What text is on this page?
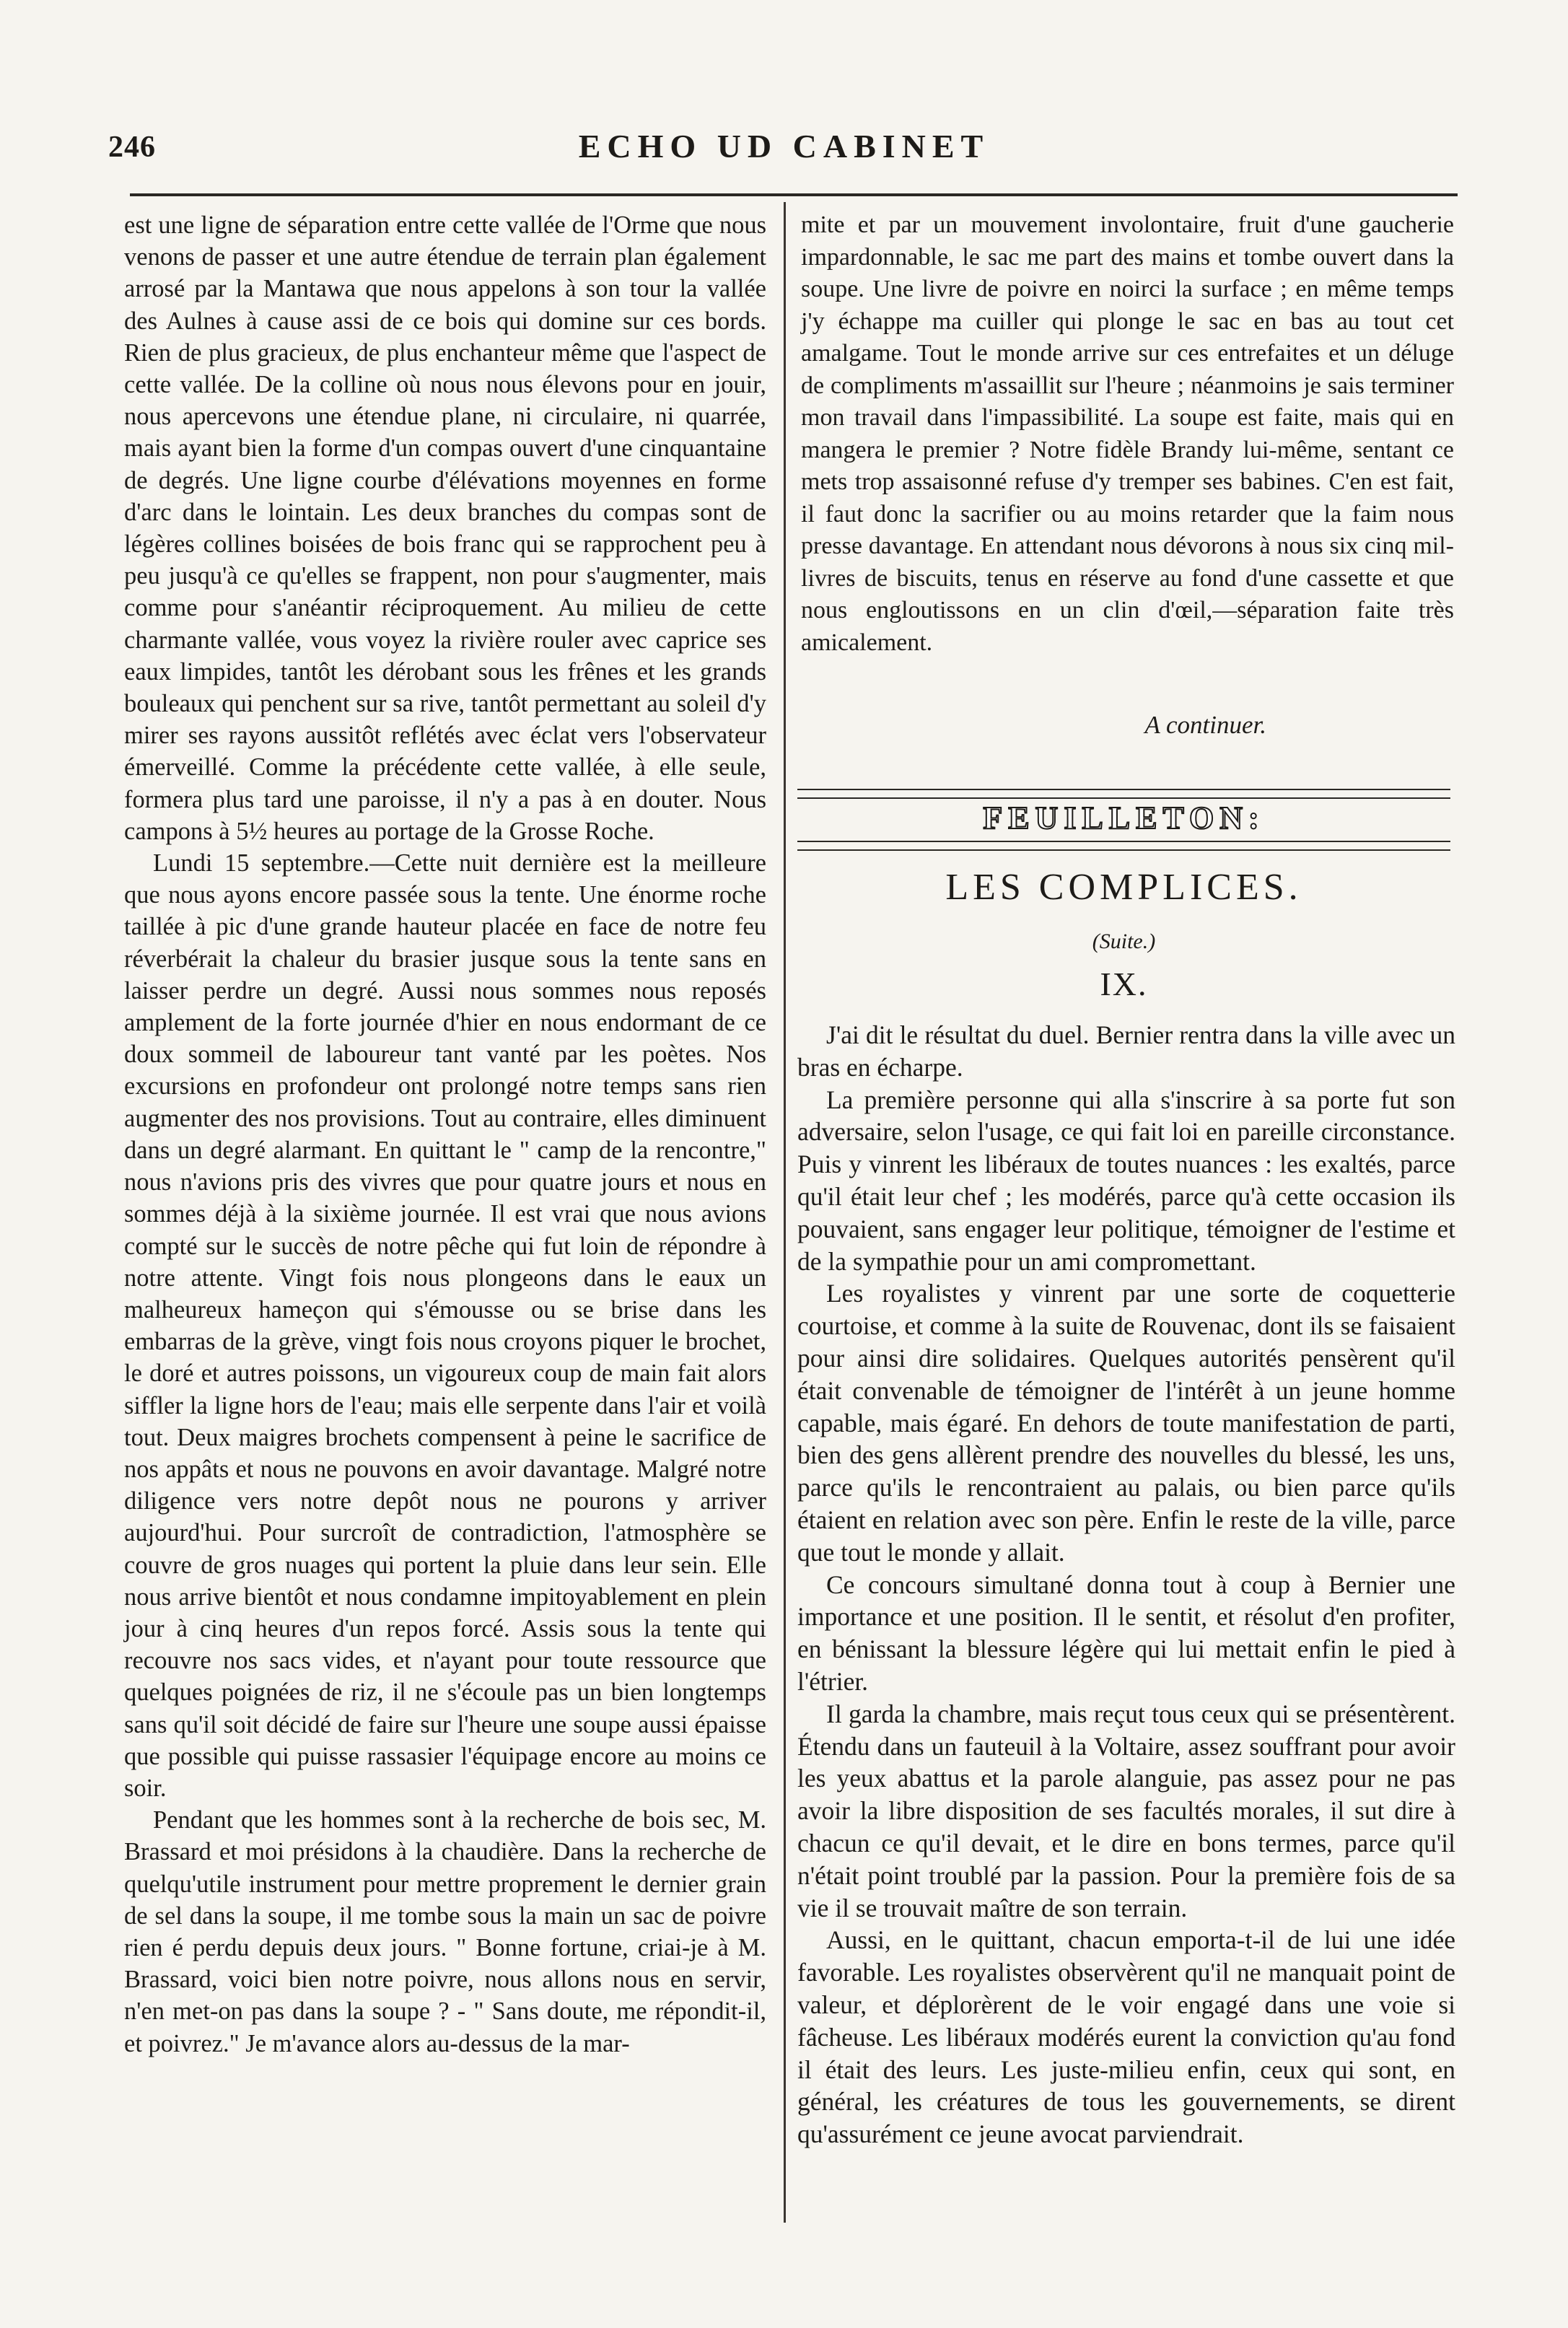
246	ECHO UD CABINET

est une ligne de séparation entre cette vallée de l'Orme que nous venons de passer et une autre étendue de terrain plan également arrosé par la Mantawa que nous appelons à son tour la vallée des Aulnes à cause assi de ce bois qui domine sur ces bords. Rien de plus gracieux, de plus enchanteur même que l'aspect de cette vallée. De la colline où nous nous élevons pour en jouir, nous apercevons une étendue plane, ni circulaire, ni quarrée, mais ayant bien la forme d'un compas ouvert d'une cinquantaine de degrés. Une ligne courbe d'élévations moyennes en forme d'arc dans le lointain. Les deux branches du compas sont de légères collines boisées de bois franc qui se rapprochent peu à peu jusqu'à ce qu'elles se frappent, non pour s'augmenter, mais comme pour s'anéantir réciproquement. Au milieu de cette charmante vallée, vous voyez la rivière rouler avec caprice ses eaux limpides, tantôt les dérobant sous les frênes et les grands bouleaux qui penchent sur sa rive, tantôt permettant au soleil d'y mirer ses rayons aussitôt reflétés avec éclat vers l'observateur émerveillé. Comme la précédente cette vallée, à elle seule, formera plus tard une paroisse, il n'y a pas à en douter. Nous campons à 5½ heures au portage de la Grosse Roche.

Lundi 15 septembre.—Cette nuit dernière est la meilleure que nous ayons encore passée sous la tente. Une énorme roche taillée à pic d'une grande hauteur placée en face de notre feu réverbérait la chaleur du brasier jusque sous la tente sans en laisser perdre un degré. Aussi nous sommes nous reposés amplement de la forte journée d'hier en nous endormant de ce doux sommeil de laboureur tant vanté par les poètes. Nos excursions en profondeur ont prolongé notre temps sans rien augmenter des nos provisions. Tout au contraire, elles diminuent dans un degré alarmant. En quittant le " camp de la rencontre," nous n'avions pris des vivres que pour quatre jours et nous en sommes déjà à la sixième journée. Il est vrai que nous avions compté sur le succès de notre pêche qui fut loin de répondre à notre attente. Vingt fois nous plongeons dans le eaux un malheureux hameçon qui s'émousse ou se brise dans les embarras de la grève, vingt fois nous croyons piquer le brochet, le doré et autres poissons, un vigoureux coup de main fait alors siffler la ligne hors de l'eau; mais elle serpente dans l'air et voilà tout. Deux maigres brochets compensent à peine le sacrifice de nos appâts et nous ne pouvons en avoir davantage. Malgré notre diligence vers notre depôt nous ne pourons y arriver aujourd'hui. Pour surcroît de contradiction, l'atmosphère se couvre de gros nuages qui portent la pluie dans leur sein. Elle nous arrive bientôt et nous condamne impitoyablement en plein jour à cinq heures d'un repos forcé. Assis sous la tente qui recouvre nos sacs vides, et n'ayant pour toute ressource que quelques poignées de riz, il ne s'écoule pas un bien longtemps sans qu'il soit décidé de faire sur l'heure une soupe aussi épaisse que possible qui puisse rassasier l'équipage encore au moins ce soir.

Pendant que les hommes sont à la recherche de bois sec, M. Brassard et moi présidons à la chaudière. Dans la recherche de quelqu'utile instrument pour mettre proprement le dernier grain de sel dans la soupe, il me tombe sous la main un sac de poivre rien é perdu depuis deux jours. " Bonne fortune, criai-je à M. Brassard, voici bien notre poivre, nous allons nous en servir, n'en met-on pas dans la soupe ? - " Sans doute, me répondit-il, et poivrez." Je m'avance alors au-dessus de la mar-

mite et par un mouvement involontaire, fruit d'une gaucherie impardonnable, le sac me part des mains et tombe ouvert dans la soupe. Une livre de poivre en noirci la surface ; en même temps j'y échappe ma cuiller qui plonge le sac en bas au tout cet amalgame. Tout le monde arrive sur ces entrefaites et un déluge de compliments m'assaillit sur l'heure ; néanmoins je sais terminer mon travail dans l'impassibilité. La soupe est faite, mais qui en mangera le premier ? Notre fidèle Brandy lui-même, sentant ce mets trop assaisonné refuse d'y tremper ses babines. C'en est fait, il faut donc la sacrifier ou au moins retarder que la faim nous presse davantage. En attendant nous dévorons à nous six cinq mil-livres de biscuits, tenus en réserve au fond d'une cassette et que nous engloutissons en un clin d'œil,—séparation faite très amicalement.

A continuer.
FEUILLETON:
LES COMPLICES.
(Suite.)
IX.

J'ai dit le résultat du duel. Bernier rentra dans la ville avec un bras en écharpe.

La première personne qui alla s'inscrire à sa porte fut son adversaire, selon l'usage, ce qui fait loi en pareille circonstance. Puis y vinrent les libéraux de toutes nuances : les exaltés, parce qu'il était leur chef ; les modérés, parce qu'à cette occasion ils pouvaient, sans engager leur politique, témoigner de l'estime et de la sympathie pour un ami compromettant.

Les royalistes y vinrent par une sorte de coquetterie courtoise, et comme à la suite de Rouvenac, dont ils se faisaient pour ainsi dire solidaires. Quelques autorités pensèrent qu'il était convenable de témoigner de l'intérêt à un jeune homme capable, mais égaré. En dehors de toute manifestation de parti, bien des gens allèrent prendre des nouvelles du blessé, les uns, parce qu'ils le rencontraient au palais, ou bien parce qu'ils étaient en relation avec son père. Enfin le reste de la ville, parce que tout le monde y allait.

Ce concours simultané donna tout à coup à Bernier une importance et une position. Il le sentit, et résolut d'en profiter, en bénissant la blessure légère qui lui mettait enfin le pied à l'étrier.

Il garda la chambre, mais reçut tous ceux qui se présentèrent. Étendu dans un fauteuil à la Voltaire, assez souffrant pour avoir les yeux abattus et la parole alanguie, pas assez pour ne pas avoir la libre disposition de ses facultés morales, il sut dire à chacun ce qu'il devait, et le dire en bons termes, parce qu'il n'était point troublé par la passion. Pour la première fois de sa vie il se trouvait maître de son terrain.

Aussi, en le quittant, chacun emporta-t-il de lui une idée favorable. Les royalistes observèrent qu'il ne manquait point de valeur, et déplorèrent de le voir engagé dans une voie si fâcheuse. Les libéraux modérés eurent la conviction qu'au fond il était des leurs. Les juste-milieu enfin, ceux qui sont, en général, les créatures de tous les gouvernements, se dirent qu'assurément ce jeune avocat parviendrait.
